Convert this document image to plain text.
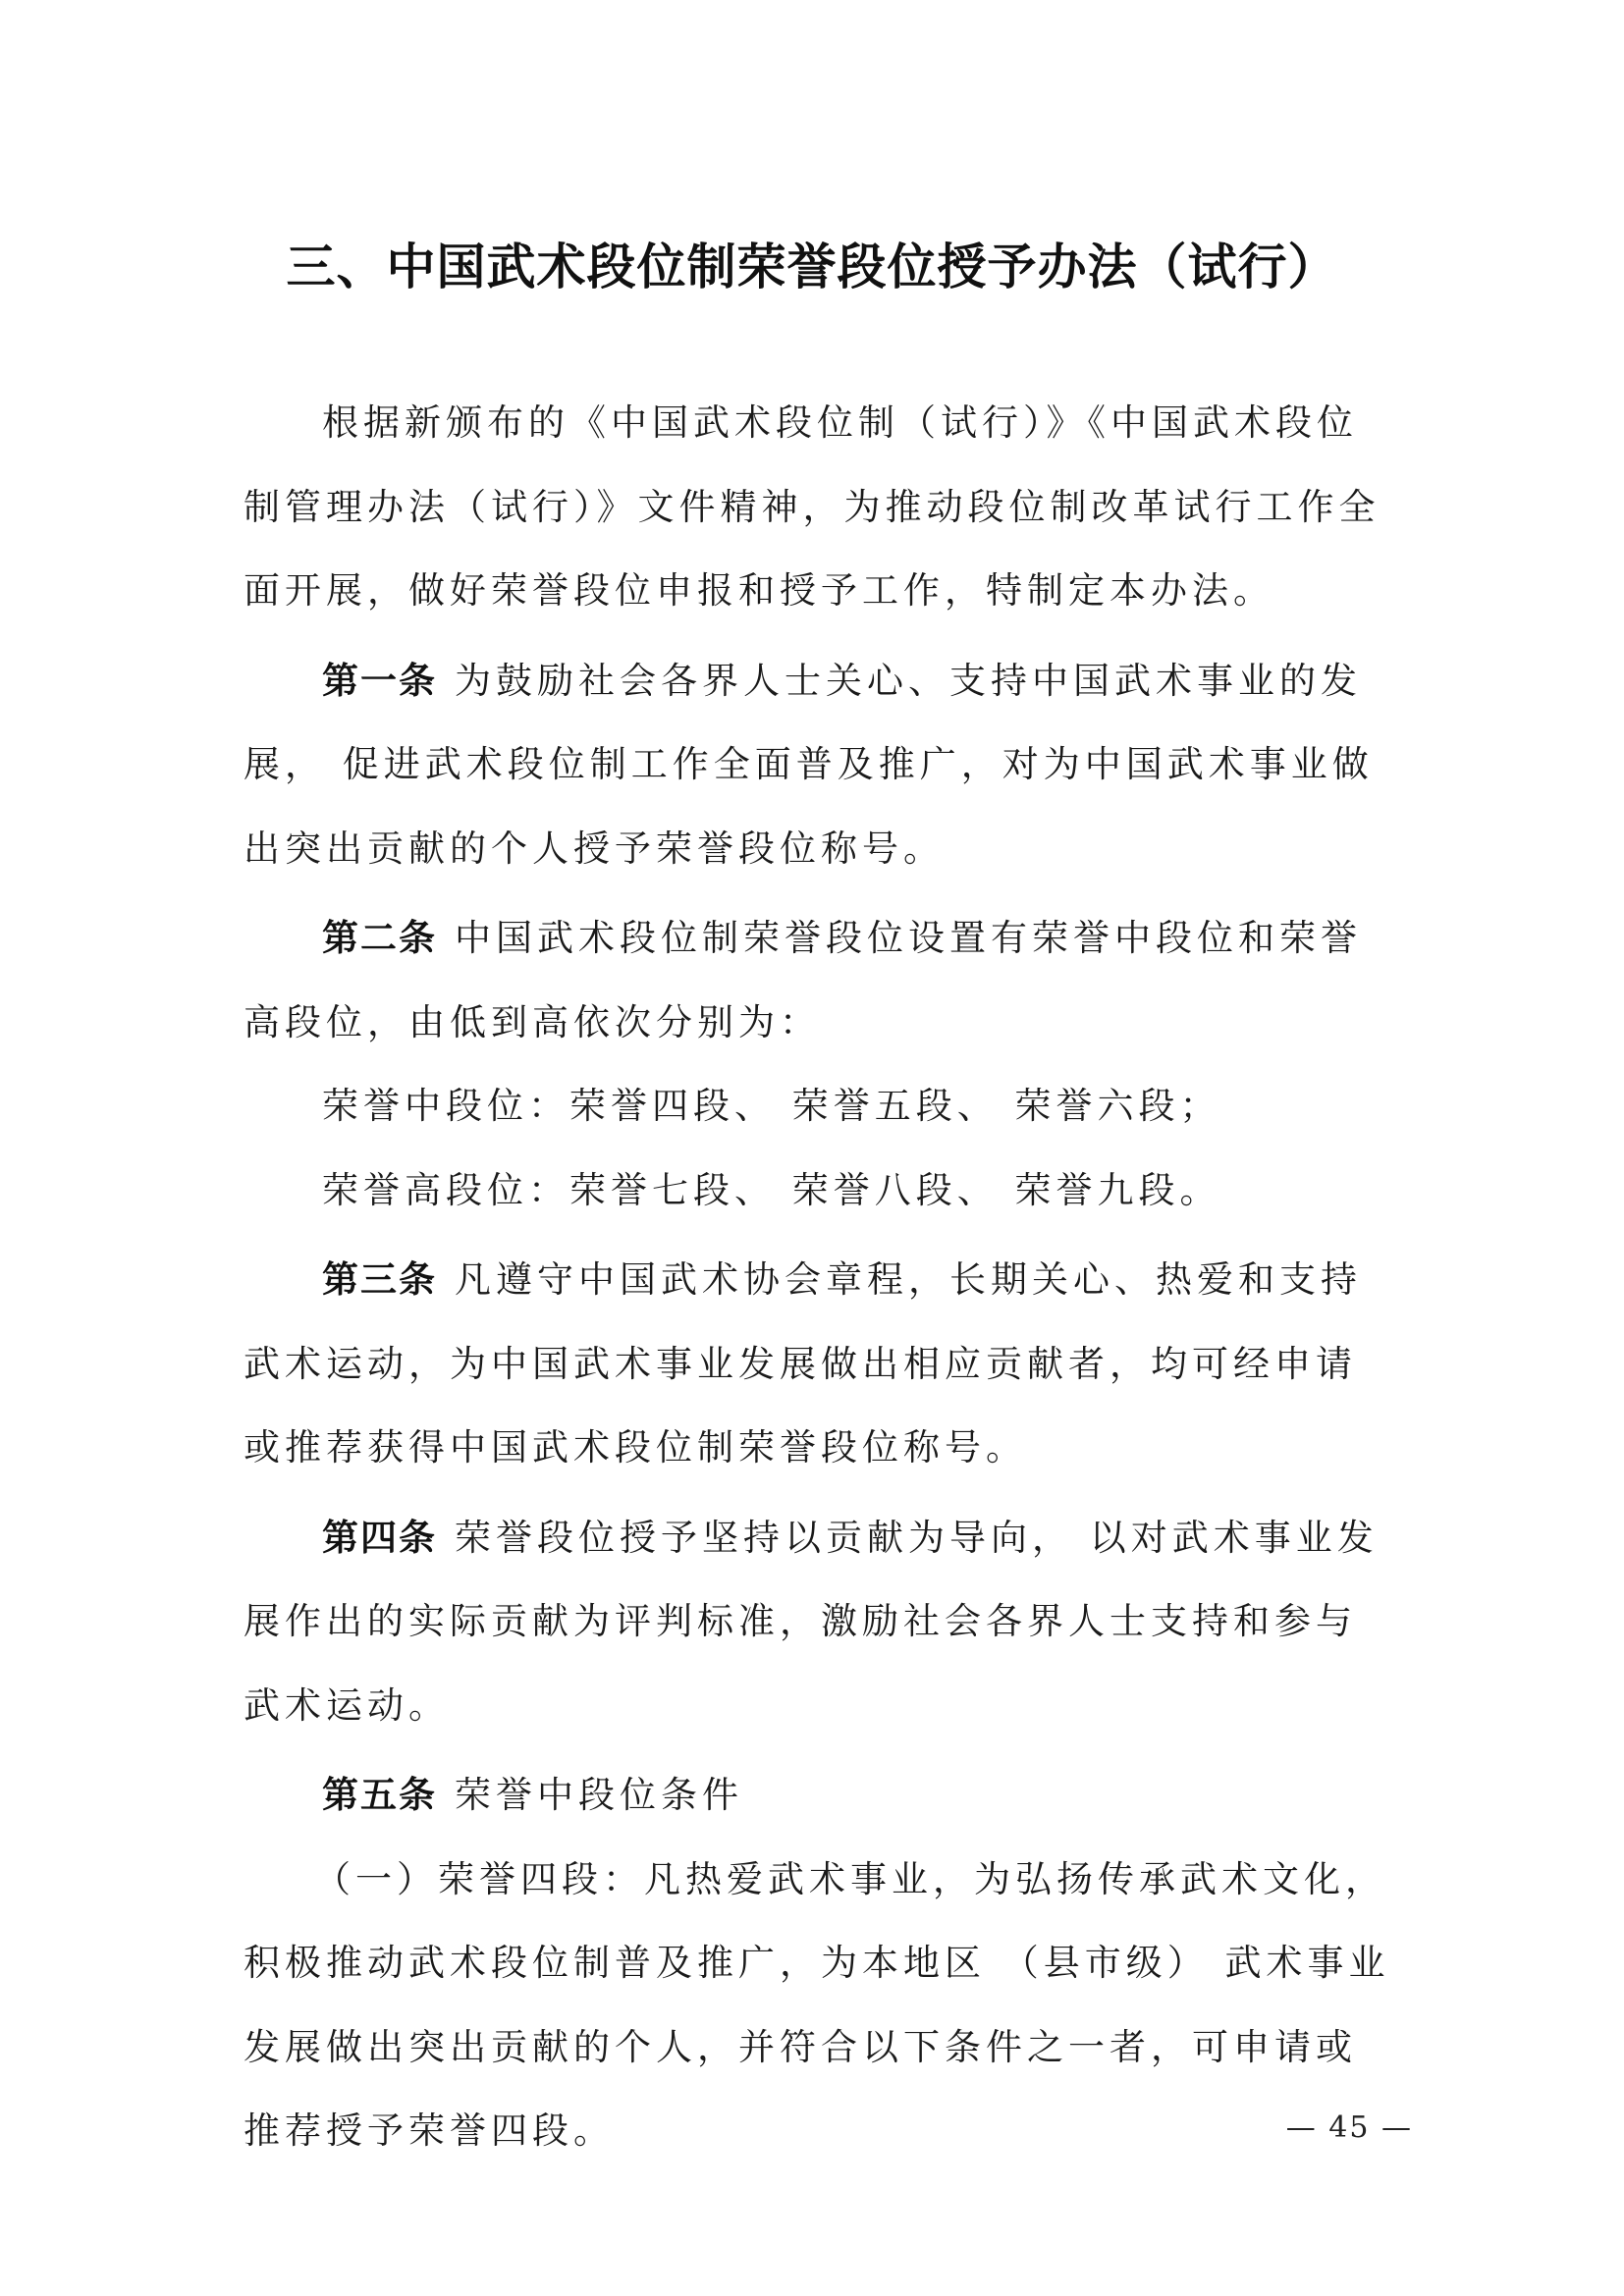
三、中国武术段位制荣誉段位授予办法（试行）
根据新颁布的《中国武术段位制（试行）》《中国武术段位
制管理办法（试行）》文件精神，为推动段位制改革试行工作全
面开展，做好荣誉段位申报和授予工作，特制定本办法。
第一条 为鼓励社会各界人士关心、支持中国武术事业的发
展， 促进武术段位制工作全面普及推广，对为中国武术事业做
出突出贡献的个人授予荣誉段位称号。
第二条 中国武术段位制荣誉段位设置有荣誉中段位和荣誉
高段位，由低到高依次分别为：
荣誉中段位：荣誉四段、 荣誉五段、 荣誉六段；
荣誉高段位：荣誉七段、 荣誉八段、 荣誉九段。
第三条 凡遵守中国武术协会章程，长期关心、热爱和支持
武术运动，为中国武术事业发展做出相应贡献者，均可经申请
或推荐获得中国武术段位制荣誉段位称号。
第四条 荣誉段位授予坚持以贡献为导向， 以对武术事业发
展作出的实际贡献为评判标准，激励社会各界人士支持和参与
武术运动。
第五条 荣誉中段位条件
（一）荣誉四段：凡热爱武术事业，为弘扬传承武术文化，
积极推动武术段位制普及推广，为本地区 （县市级） 武术事业
发展做出突出贡献的个人，并符合以下条件之一者，可申请或
推荐授予荣誉四段。	— 45 —
